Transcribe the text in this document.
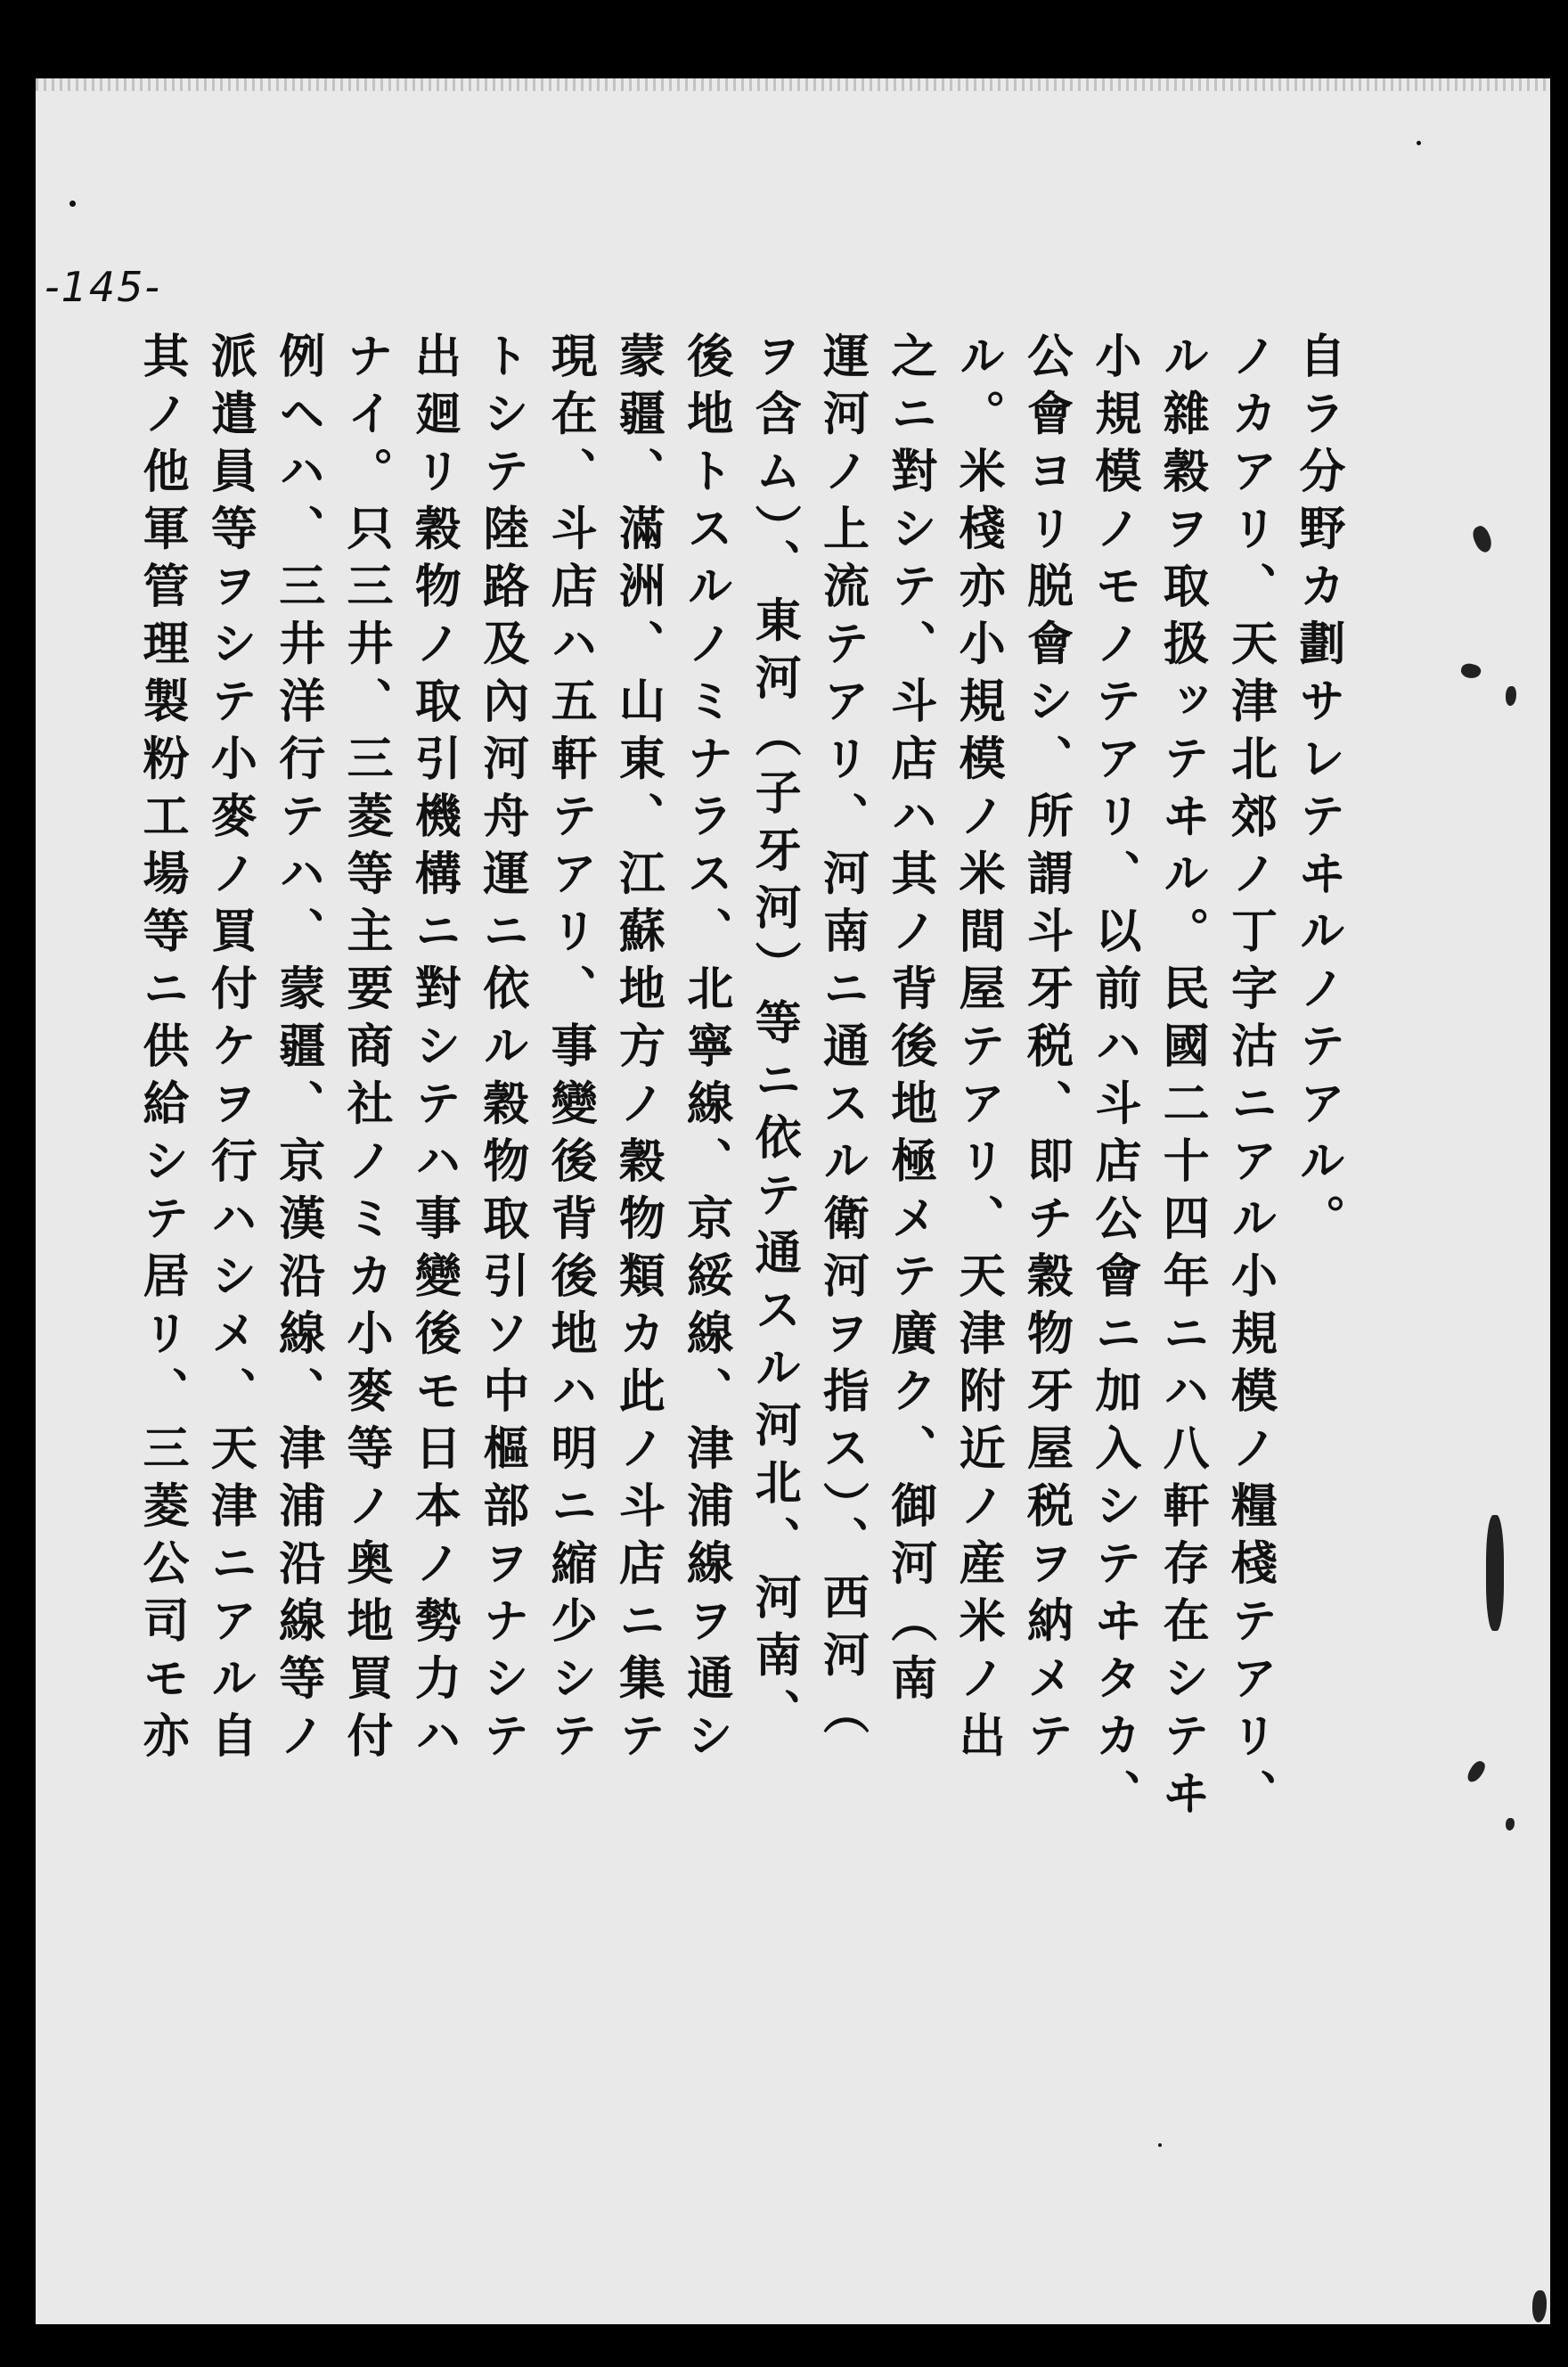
-145-
自ラ分野カ劃サレテヰルノテアル。
ノカアリ、天津北郊ノ丁字沽ニアル小規模ノ糧棧テアリ、
ル雜穀ヲ取扱ッテヰル。民國二十四年ニハ八軒存在シテヰ
小規模ノモノテアリ、以前ハ斗店公會ニ加入シテヰタカ、
公會ヨリ脱會シ、所謂斗牙税、即チ穀物牙屋税ヲ納メテ
ル。米棧亦小規模ノ米間屋テアリ、天津附近ノ産米ノ出
之ニ對シテ、斗店ハ其ノ背後地極メテ廣ク、御河（南
運河ノ上流テアリ、河南ニ通スル衛河ヲ指ス）、西河（
ヲ含ム）、東河（子牙河）等ニ依テ通スル河北、河南、
後地トスルノミナラス、北寧線、京綏線、津浦線ヲ通シ
蒙疆、滿洲、山東、江蘇地方ノ穀物類カ此ノ斗店ニ集テ
現在、斗店ハ五軒テアリ、事變後背後地ハ明ニ縮少シテ
トシテ陸路及內河舟運ニ依ル穀物取引ソ中樞部ヲナシテ
出廻リ穀物ノ取引機構ニ對シテハ事變後モ日本ノ勢力ハ
ナイ。只三井、三菱等主要商社ノミカ小麥等ノ奥地買付
例ヘハ、三井洋行テハ、蒙疆、京漢沿線、津浦沿線等ノ
派遣員等ヲシテ小麥ノ買付ケヲ行ハシメ、天津ニアル自
其ノ他軍管理製粉工場等ニ供給シテ居リ、三菱公司モ亦
